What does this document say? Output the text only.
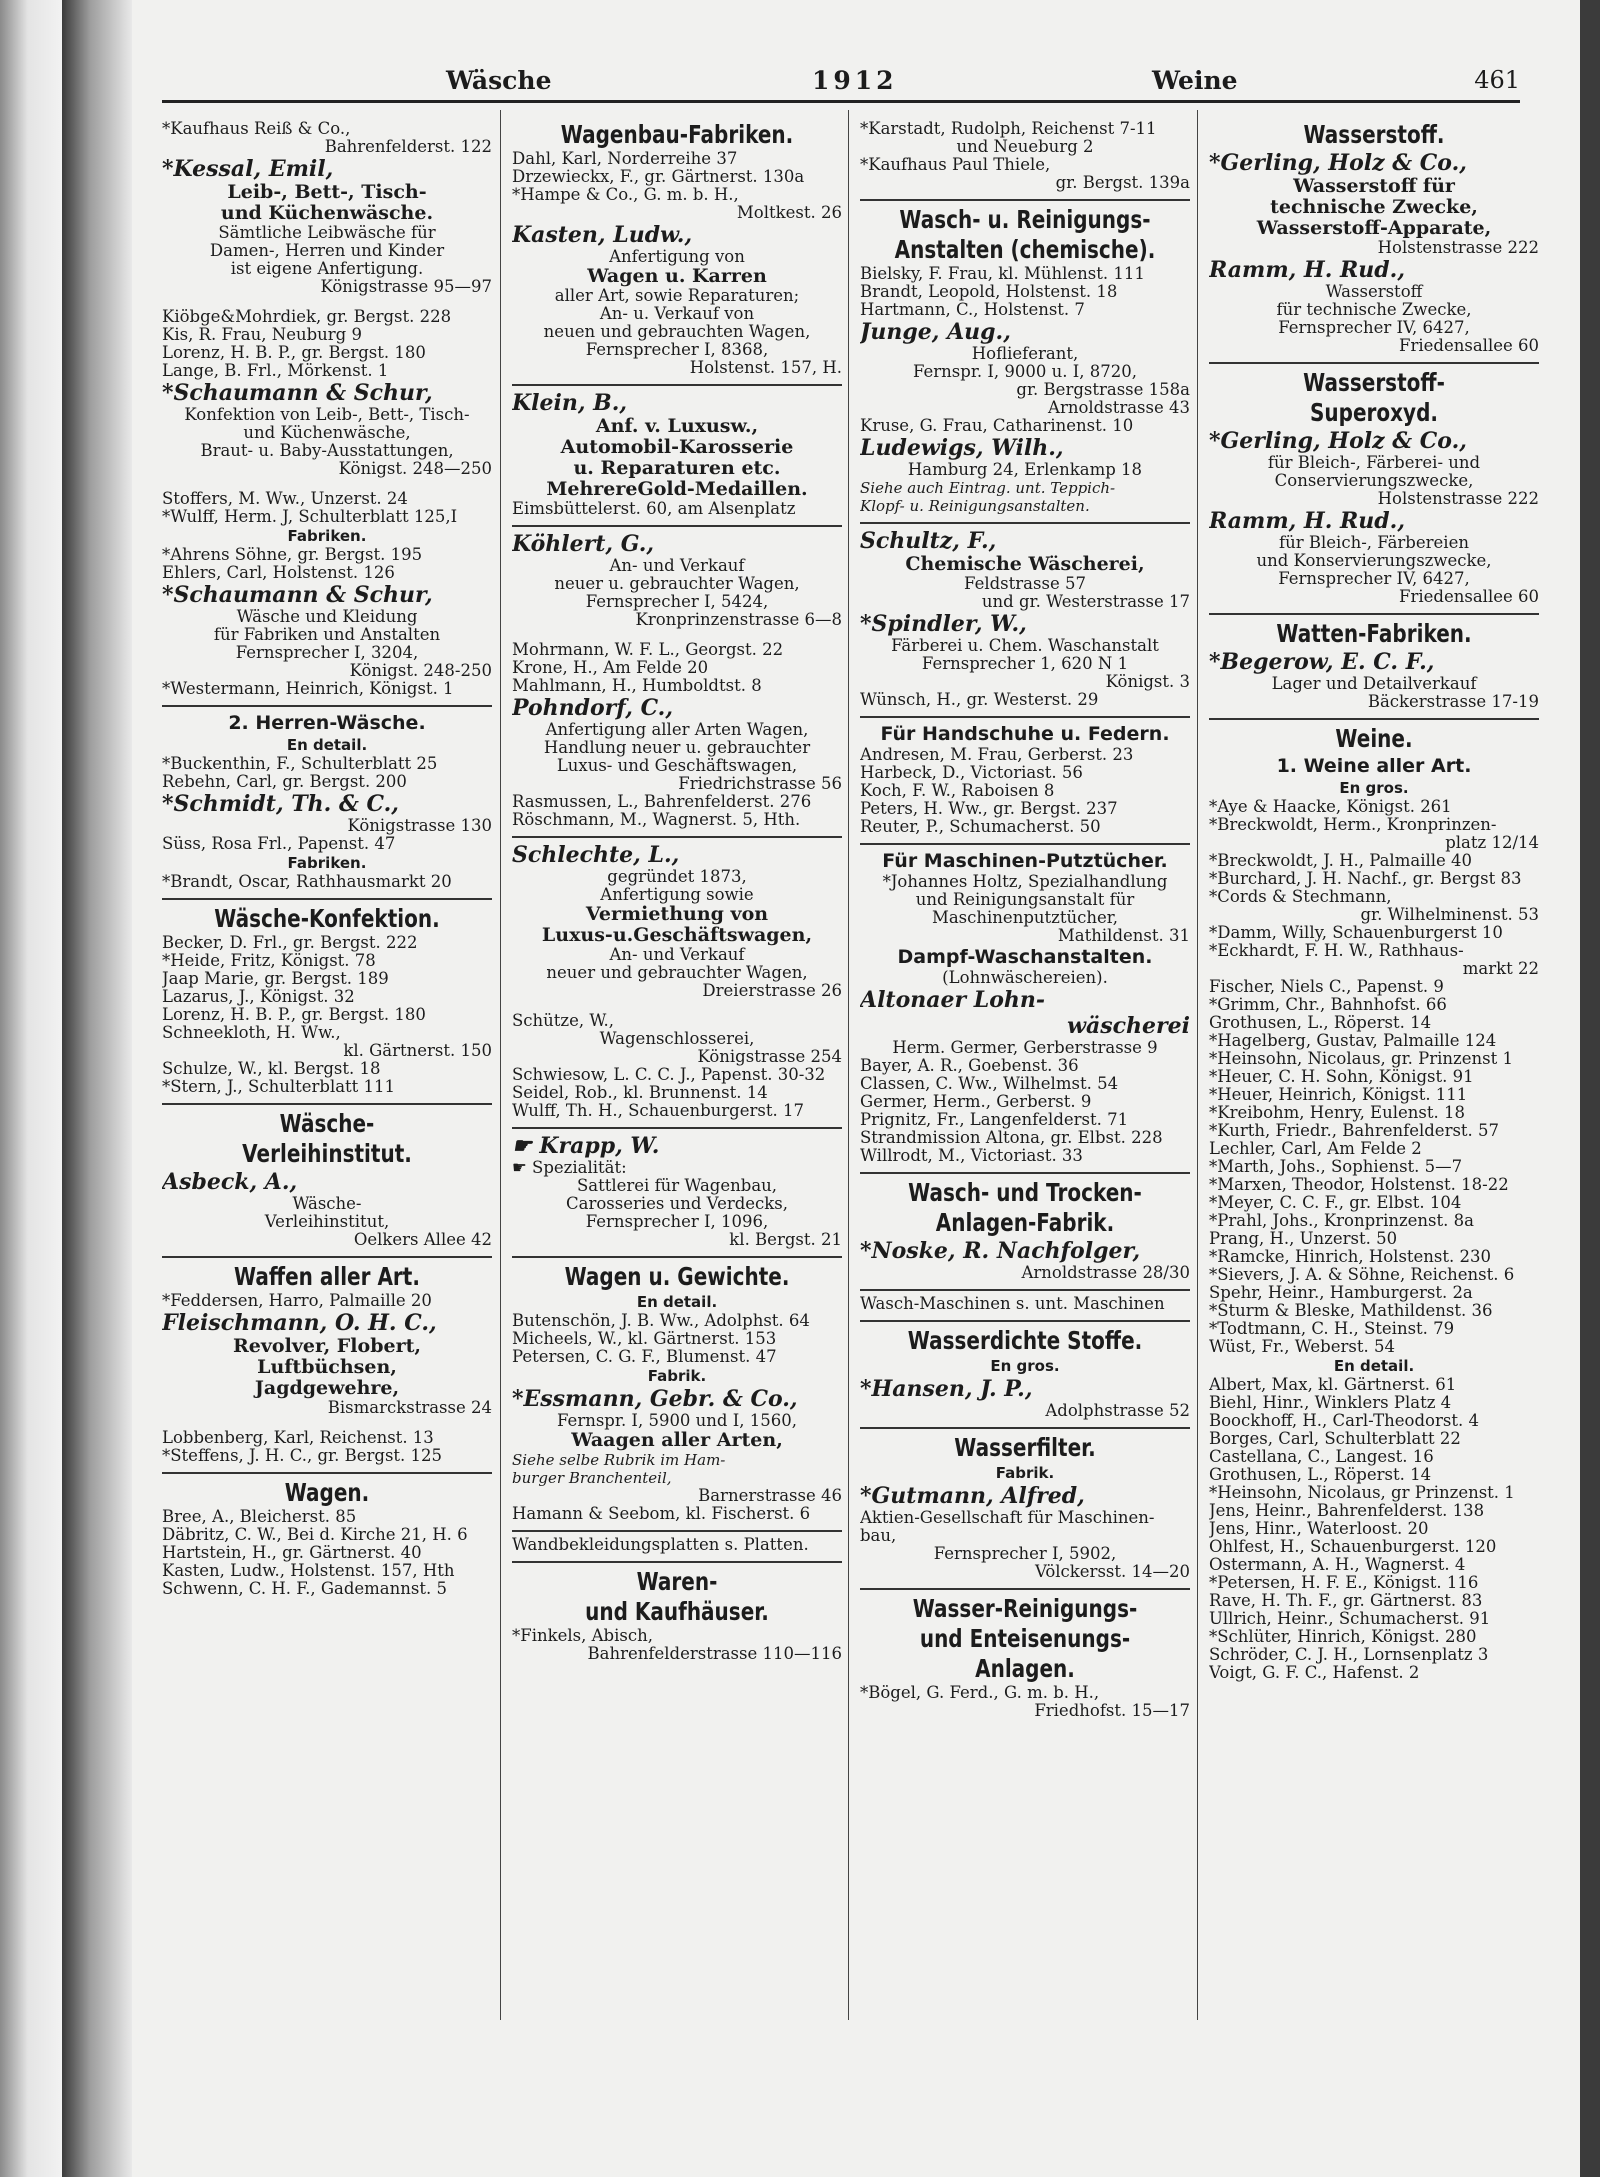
Wäsche	1912	Weine	461
*Kaufhaus Reiß & Co.,
Bahrenfelderst. 122
*Kessal, Emil,
Leib-, Bett-, Tisch-
und Küchenwäsche.
Sämtliche Leibwäsche für
Damen-, Herren und Kinder
ist eigene Anfertigung.
Königstrasse 95—97
Kiöbge&Mohrdiek, gr. Bergst. 228
Kis, R. Frau, Neuburg 9
Lorenz, H. B. P., gr. Bergst. 180
Lange, B. Frl., Mörkenst. 1
*Schaumann & Schur,
Konfektion von Leib-, Bett-, Tisch-
und Küchenwäsche,
Braut- u. Baby-Ausstattungen,
Königst. 248—250
Stoffers, M. Ww., Unzerst. 24
*Wulff, Herm. J, Schulterblatt 125,I
Fabriken.
*Ahrens Söhne, gr. Bergst. 195
Ehlers, Carl, Holstenst. 126
*Schaumann & Schur,
Wäsche und Kleidung
für Fabriken und Anstalten
Fernsprecher I, 3204,
Königst. 248-250
*Westermann, Heinrich, Königst. 1
2. Herren-Wäsche.
En detail.
*Buckenthin, F., Schulterblatt 25
Rebehn, Carl, gr. Bergst. 200
*Schmidt, Th. & C.,
Königstrasse 130
Süss, Rosa Frl., Papenst. 47
Fabriken.
*Brandt, Oscar, Rathhausmarkt 20
Wäsche-Konfektion.
Becker, D. Frl., gr. Bergst. 222
*Heide, Fritz, Königst. 78
Jaap Marie, gr. Bergst. 189
Lazarus, J., Königst. 32
Lorenz, H. B. P., gr. Bergst. 180
Schneekloth, H. Ww.,
kl. Gärtnerst. 150
Schulze, W., kl. Bergst. 18
*Stern, J., Schulterblatt 111
Wäsche-
Verleihinstitut.
Asbeck, A.,
Wäsche-
Verleihinstitut,
Oelkers Allee 42
Waffen aller Art.
*Feddersen, Harro, Palmaille 20
Fleischmann, O. H. C.,
Revolver, Flobert,
Luftbüchsen,
Jagdgewehre,
Bismarckstrasse 24
Lobbenberg, Karl, Reichenst. 13
*Steffens, J. H. C., gr. Bergst. 125
Wagen.
Bree, A., Bleicherst. 85
Däbritz, C. W., Bei d. Kirche 21, H. 6
Hartstein, H., gr. Gärtnerst. 40
Kasten, Ludw., Holstenst. 157, Hth
Schwenn, C. H. F., Gademannst. 5
Wagenbau-Fabriken.
Dahl, Karl, Norderreihe 37
Drzewieckx, F., gr. Gärtnerst. 130a
*Hampe & Co., G. m. b. H.,
Moltkest. 26
Kasten, Ludw.,
Anfertigung von
Wagen u. Karren
aller Art, sowie Reparaturen;
An- u. Verkauf von
neuen und gebrauchten Wagen,
Fernsprecher I, 8368,
Holstenst. 157, H.
Klein, B.,
Anf. v. Luxusw.,
Automobil-Karosserie
u. Reparaturen etc.
MehrereGold-Medaillen.
Eimsbüttelerst. 60, am Alsenplatz
Köhlert, G.,
An- und Verkauf
neuer u. gebrauchter Wagen,
Fernsprecher I, 5424,
Kronprinzenstrasse 6—8
Mohrmann, W. F. L., Georgst. 22
Krone, H., Am Felde 20
Mahlmann, H., Humboldtst. 8
Pohndorf, C.,
Anfertigung aller Arten Wagen,
Handlung neuer u. gebrauchter
Luxus- und Geschäftswagen,
Friedrichstrasse 56
Rasmussen, L., Bahrenfelderst. 276
Röschmann, M., Wagnerst. 5, Hth.
Schlechte, L.,
gegründet 1873,
Anfertigung sowie
Vermiethung von
Luxus-u.Geschäftswagen,
An- und Verkauf
neuer und gebrauchter Wagen,
Dreierstrasse 26
Schütze, W.,
Wagenschlosserei,
Königstrasse 254
Schwiesow, L. C. C. J., Papenst. 30-32
Seidel, Rob., kl. Brunnenst. 14
Wulff, Th. H., Schauenburgerst. 17
☛ Krapp, W.
☛ Spezialität:
Sattlerei für Wagenbau,
Carosseries und Verdecks,
Fernsprecher I, 1096,
kl. Bergst. 21
Wagen u. Gewichte.
En detail.
Butenschön, J. B. Ww., Adolphst. 64
Micheels, W., kl. Gärtnerst. 153
Petersen, C. G. F., Blumenst. 47
Fabrik.
*Essmann, Gebr. & Co.,
Fernspr. I, 5900 und I, 1560,
Waagen aller Arten,
Siehe selbe Rubrik im Ham-
burger Branchenteil,
Barnerstrasse 46
Hamann & Seebom, kl. Fischerst. 6
Wandbekleidungsplatten s. Platten.
Waren-
und Kaufhäuser.
*Finkels, Abisch,
Bahrenfelderstrasse 110—116
*Karstadt, Rudolph, Reichenst 7-11
und Neueburg 2
*Kaufhaus Paul Thiele,
gr. Bergst. 139a
Wasch- u. Reinigungs-
Anstalten (chemische).
Bielsky, F. Frau, kl. Mühlenst. 111
Brandt, Leopold, Holstenst. 18
Hartmann, C., Holstenst. 7
Junge, Aug.,
Hoflieferant,
Fernspr. I, 9000 u. I, 8720,
gr. Bergstrasse 158a
Arnoldstrasse 43
Kruse, G. Frau, Catharinenst. 10
Ludewigs, Wilh.,
Hamburg 24, Erlenkamp 18
Siehe auch Eintrag. unt. Teppich-
Klopf- u. Reinigungsanstalten.
Schultz, F.,
Chemische Wäscherei,
Feldstrasse 57
und gr. Westerstrasse 17
*Spindler, W.,
Färberei u. Chem. Waschanstalt
Fernsprecher 1, 620 N 1
Königst. 3
Wünsch, H., gr. Westerst. 29
Für Handschuhe u. Federn.
Andresen, M. Frau, Gerberst. 23
Harbeck, D., Victoriast. 56
Koch, F. W., Raboisen 8
Peters, H. Ww., gr. Bergst. 237
Reuter, P., Schumacherst. 50
Für Maschinen-Putztücher.
*Johannes Holtz, Spezialhandlung
und Reinigungsanstalt für
Maschinenputztücher,
Mathildenst. 31
Dampf-Waschanstalten.
(Lohnwäschereien).
Altonaer Lohn-
wäscherei
Herm. Germer, Gerberstrasse 9
Bayer, A. R., Goebenst. 36
Classen, C. Ww., Wilhelmst. 54
Germer, Herm., Gerberst. 9
Prignitz, Fr., Langenfelderst. 71
Strandmission Altona, gr. Elbst. 228
Willrodt, M., Victoriast. 33
Wasch- und Trocken-
Anlagen-Fabrik.
*Noske, R. Nachfolger,
Arnoldstrasse 28/30
Wasch-Maschinen s. unt. Maschinen
Wasserdichte Stoffe.
En gros.
*Hansen, J. P.,
Adolphstrasse 52
Wasserfilter.
Fabrik.
*Gutmann, Alfred,
Aktien-Gesellschaft für Maschinen-
bau,
Fernsprecher I, 5902,
Völckersst. 14—20
Wasser-Reinigungs-
und Enteisenungs-
Anlagen.
*Bögel, G. Ferd., G. m. b. H.,
Friedhofst. 15—17
Wasserstoff.
*Gerling, Holz & Co.,
Wasserstoff für
technische Zwecke,
Wasserstoff-Apparate,
Holstenstrasse 222
Ramm, H. Rud.,
Wasserstoff
für technische Zwecke,
Fernsprecher IV, 6427,
Friedensallee 60
Wasserstoff-
Superoxyd.
*Gerling, Holz & Co.,
für Bleich-, Färberei- und
Conservierungszwecke,
Holstenstrasse 222
Ramm, H. Rud.,
für Bleich-, Färbereien
und Konservierungszwecke,
Fernsprecher IV, 6427,
Friedensallee 60
Watten-Fabriken.
*Begerow, E. C. F.,
Lager und Detailverkauf
Bäckerstrasse 17-19
Weine.
1. Weine aller Art.
En gros.
*Aye & Haacke, Königst. 261
*Breckwoldt, Herm., Kronprinzen-
platz 12/14
*Breckwoldt, J. H., Palmaille 40
*Burchard, J. H. Nachf., gr. Bergst 83
*Cords & Stechmann,
gr. Wilhelminenst. 53
*Damm, Willy, Schauenburgerst 10
*Eckhardt, F. H. W., Rathhaus-
markt 22
Fischer, Niels C., Papenst. 9
*Grimm, Chr., Bahnhofst. 66
Grothusen, L., Röperst. 14
*Hagelberg, Gustav, Palmaille 124
*Heinsohn, Nicolaus, gr. Prinzenst 1
*Heuer, C. H. Sohn, Königst. 91
*Heuer, Heinrich, Königst. 111
*Kreibohm, Henry, Eulenst. 18
*Kurth, Friedr., Bahrenfelderst. 57
Lechler, Carl, Am Felde 2
*Marth, Johs., Sophienst. 5—7
*Marxen, Theodor, Holstenst. 18-22
*Meyer, C. C. F., gr. Elbst. 104
*Prahl, Johs., Kronprinzenst. 8a
Prang, H., Unzerst. 50
*Ramcke, Hinrich, Holstenst. 230
*Sievers, J. A. & Söhne, Reichenst. 6
Spehr, Heinr., Hamburgerst. 2a
*Sturm & Bleske, Mathildenst. 36
*Todtmann, C. H., Steinst. 79
Wüst, Fr., Weberst. 54
En detail.
Albert, Max, kl. Gärtnerst. 61
Biehl, Hinr., Winklers Platz 4
Boockhoff, H., Carl-Theodorst. 4
Borges, Carl, Schulterblatt 22
Castellana, C., Langest. 16
Grothusen, L., Röperst. 14
*Heinsohn, Nicolaus, gr Prinzenst. 1
Jens, Heinr., Bahrenfelderst. 138
Jens, Hinr., Waterloost. 20
Ohlfest, H., Schauenburgerst. 120
Ostermann, A. H., Wagnerst. 4
*Petersen, H. F. E., Königst. 116
Rave, H. Th. F., gr. Gärtnerst. 83
Ullrich, Heinr., Schumacherst. 91
*Schlüter, Hinrich, Königst. 280
Schröder, C. J. H., Lornsenplatz 3
Voigt, G. F. C., Hafenst. 2
